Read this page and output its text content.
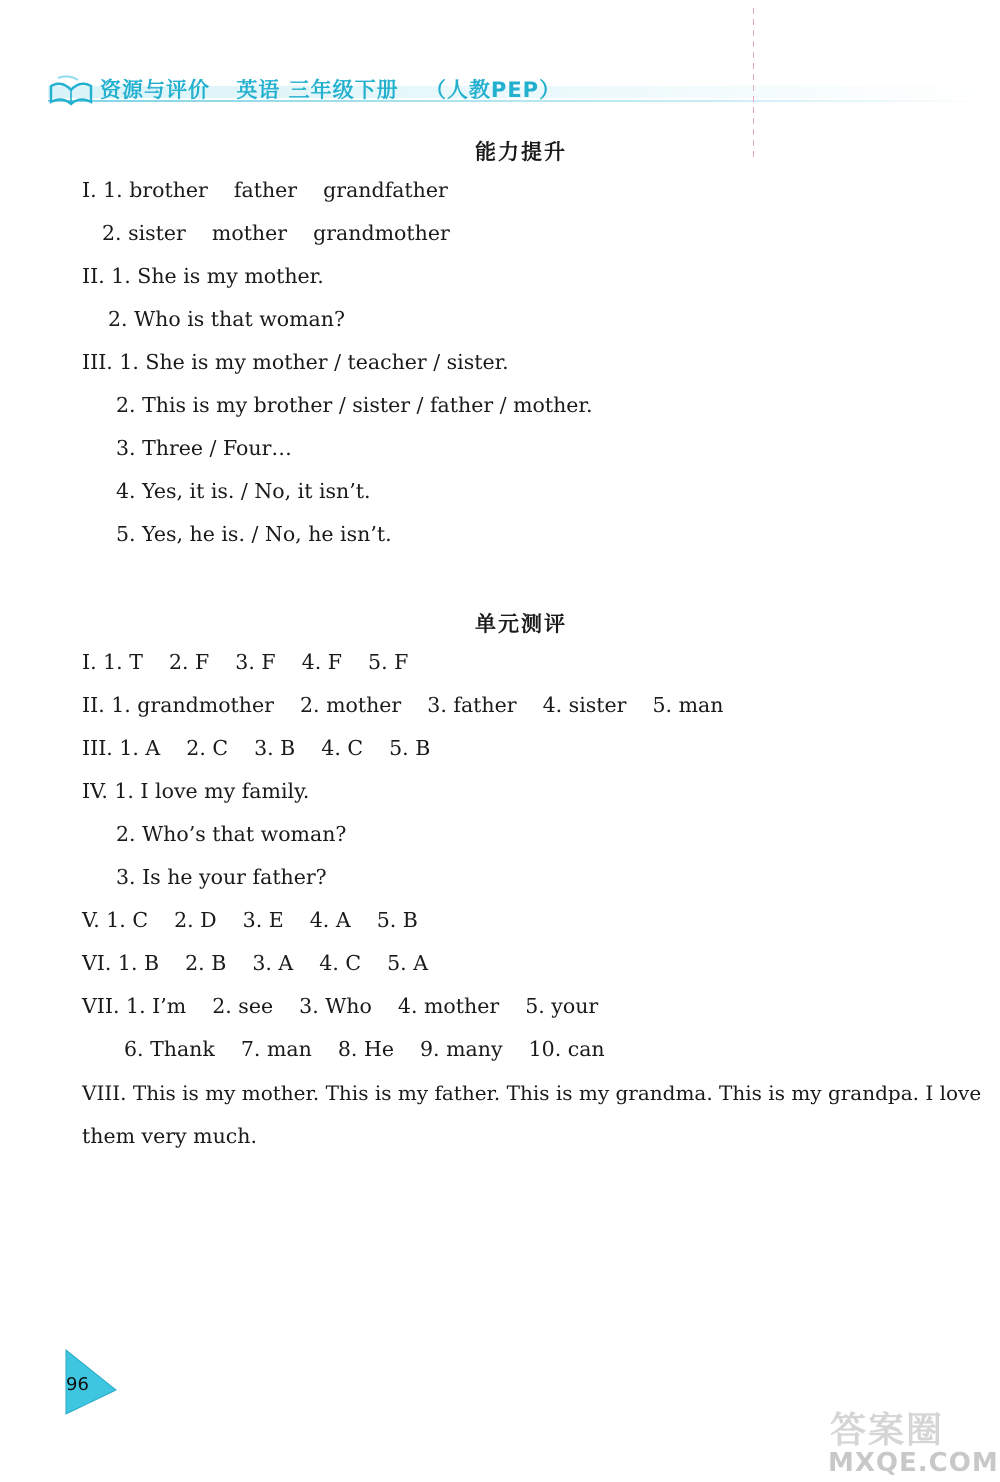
资源与评价 英语 三年级下册 （人教PEP）
能力提升
I. 1. brother    father    grandfather
2. sister    mother    grandmother
II. 1. She is my mother.
2. Who is that woman?
III. 1. She is my mother / teacher / sister.
2. This is my brother / sister / father / mother.
3. Three / Four…
4. Yes, it is. / No, it isn’t.
5. Yes, he is. / No, he isn’t.
单元测评
I. 1. T    2. F    3. F    4. F    5. F
II. 1. grandmother    2. mother    3. father    4. sister    5. man
III. 1. A    2. C    3. B    4. C    5. B
IV. 1. I love my family.
2. Who’s that woman?
3. Is he your father?
V. 1. C    2. D    3. E    4. A    5. B
VI. 1. B    2. B    3. A    4. C    5. A
VII. 1. I’m    2. see    3. Who    4. mother    5. your
6. Thank    7. man    8. He    9. many    10. can
VIII. This is my mother. This is my father. This is my grandma. This is my grandpa. I love
them very much.
96
答案圈
MXQE.COM
